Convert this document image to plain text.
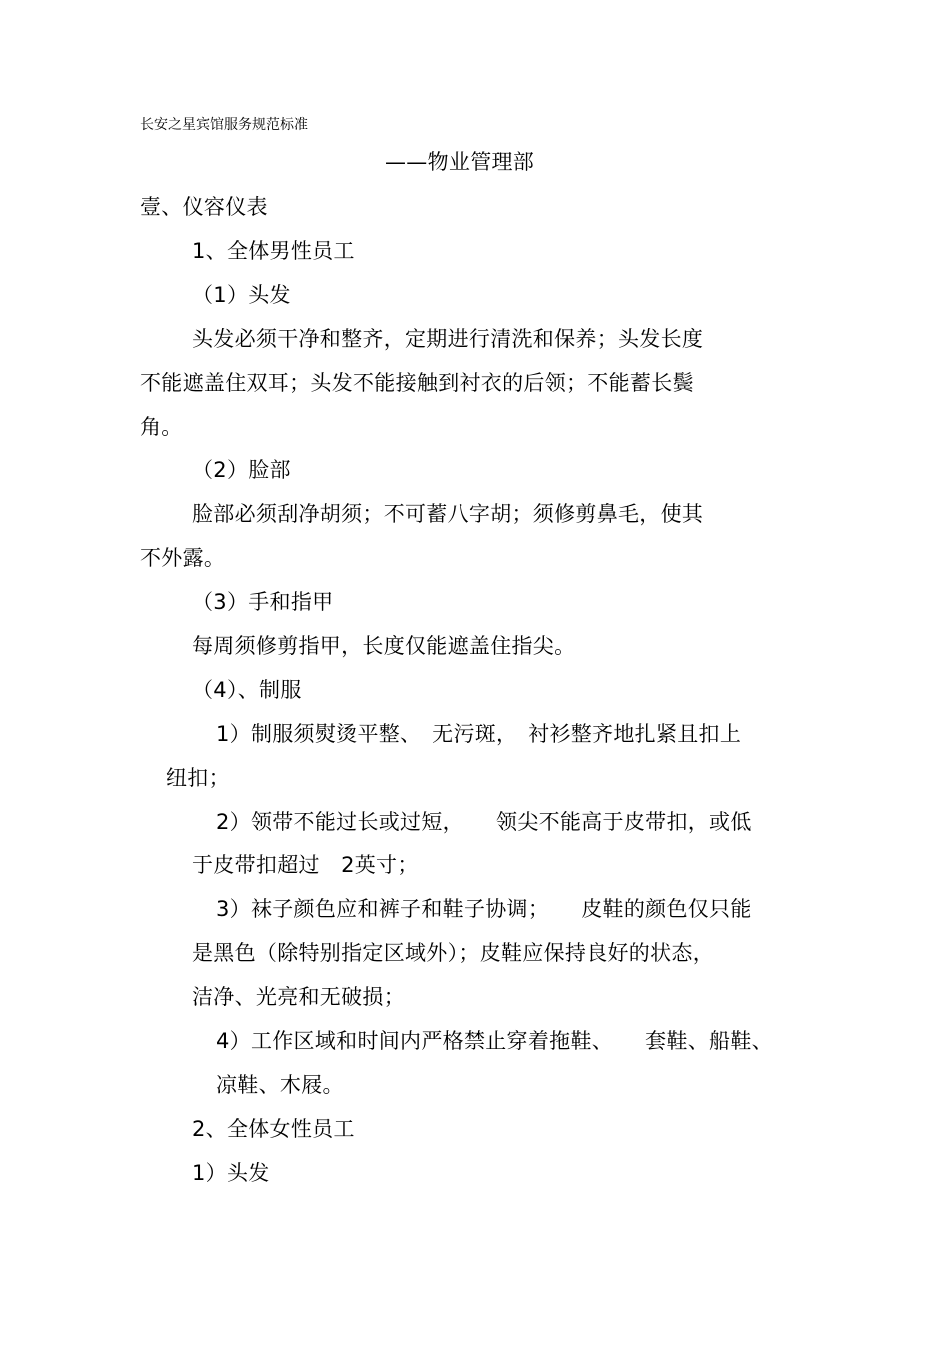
长安之星宾馆服务规范标准
——物业管理部
壹、仪容仪表
1、全体男性员工
（1）头发
头发必须干净和整齐，定期进行清洗和保养；头发长度
不能遮盖住双耳；头发不能接触到衬衣的后领；不能蓄长鬓
角。
（2）脸部
脸部必须刮净胡须；不可蓄八字胡；须修剪鼻毛，使其
不外露。
（3）手和指甲
每周须修剪指甲，长度仅能遮盖住指尖。
（4）、制服
1）制服须熨烫平整、　无污斑，　衬衫整齐地扎紧且扣上
纽扣；
2）领带不能过长或过短，　　领尖不能高于皮带扣，或低
于皮带扣超过　2英寸；
3）袜子颜色应和裤子和鞋子协调；　　皮鞋的颜色仅只能
是黑色（除特别指定区域外）；皮鞋应保持良好的状态，
洁净、光亮和无破损；
4）工作区域和时间内严格禁止穿着拖鞋、　　套鞋、船鞋、
凉鞋、木屐。
2、全体女性员工
1）头发
